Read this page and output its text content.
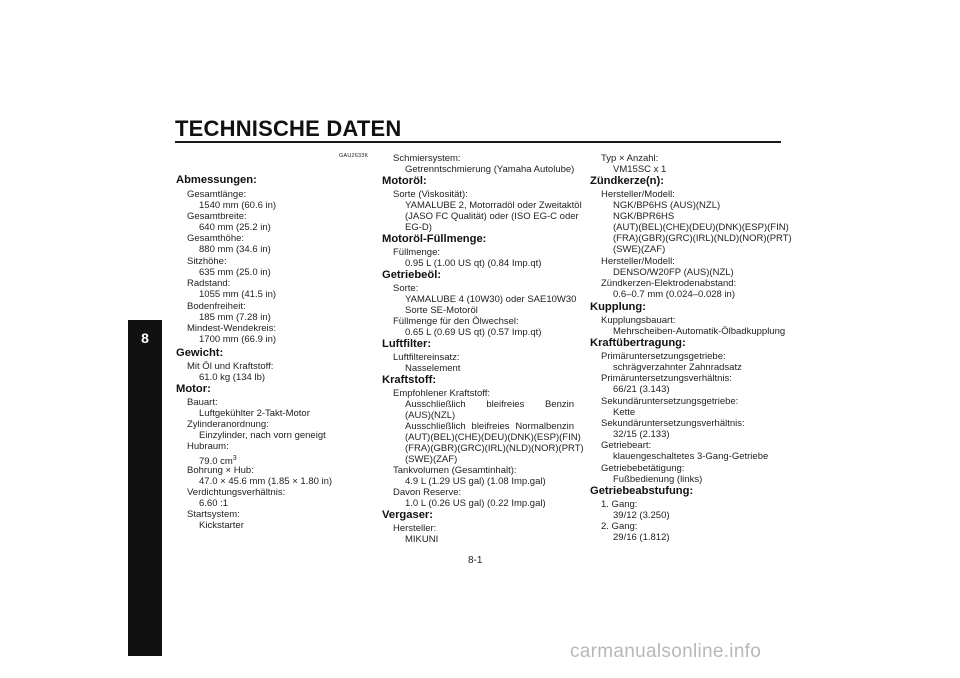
TECHNISCHE DATEN
8
GAU2633K
Abmessungen:
Gesamtlänge:
1540 mm (60.6 in)
Gesamtbreite:
640 mm (25.2 in)
Gesamthöhe:
880 mm (34.6 in)
Sitzhöhe:
635 mm (25.0 in)
Radstand:
1055 mm (41.5 in)
Bodenfreiheit:
185 mm (7.28 in)
Mindest-Wendekreis:
1700 mm (66.9 in)
Gewicht:
Mit Öl und Kraftstoff:
61.0 kg (134 lb)
Motor:
Bauart:
Luftgekühlter 2-Takt-Motor
Zylinderanordnung:
Einzylinder, nach vorn geneigt
Hubraum:
79.0 $cm^3$
Bohrung × Hub:
47.0 × 45.6 mm (1.85 × 1.80 in)
Verdichtungsverhältnis:
6.60 :1
Startsystem:
Kickstarter
Schmiersystem:
Getrenntschmierung (Yamaha Autolube)
Motoröl:
Sorte (Viskosität):
YAMALUBE 2, Motorradöl oder Zweitaktöl
(JASO FC Qualität) oder (ISO EG-C oder
EG-D)
Motoröl-Füllmenge:
Füllmenge:
0.95 L (1.00 US qt) (0.84 Imp.qt)
Getriebeöl:
Sorte:
YAMALUBE 4 (10W30) oder SAE10W30
Sorte SE-Motoröl
Füllmenge für den Ölwechsel:
0.65 L (0.69 US qt) (0.57 Imp.qt)
Luftfilter:
Luftfiltereinsatz:
Nasselement
Kraftstoff:
Empfohlener Kraftstoff:
Ausschließlich bleifreies Benzin
(AUS)(NZL)
Ausschließlich bleifreies Normalbenzin
(AUT)(BEL)(CHE)(DEU)(DNK)(ESP)(FIN)
(FRA)(GBR)(GRC)(IRL)(NLD)(NOR)(PRT)
(SWE)(ZAF)
Tankvolumen (Gesamtinhalt):
4.9 L (1.29 US gal) (1.08 Imp.gal)
Davon Reserve:
1.0 L (0.26 US gal) (0.22 Imp.gal)
Vergaser:
Hersteller:
MIKUNI
Typ × Anzahl:
VM15SC x 1
Zündkerze(n):
Hersteller/Modell:
NGK/BP6HS (AUS)(NZL)
NGK/BPR6HS
(AUT)(BEL)(CHE)(DEU)(DNK)(ESP)(FIN)
(FRA)(GBR)(GRC)(IRL)(NLD)(NOR)(PRT)
(SWE)(ZAF)
Hersteller/Modell:
DENSO/W20FP (AUS)(NZL)
Zündkerzen-Elektrodenabstand:
0.6–0.7 mm (0.024–0.028 in)
Kupplung:
Kupplungsbauart:
Mehrscheiben-Automatik-Ölbadkupplung
Kraftübertragung:
Primäruntersetzungsgetriebe:
schrägverzahnter Zahnradsatz
Primäruntersetzungsverhältnis:
66/21 (3.143)
Sekundäruntersetzungsgetriebe:
Kette
Sekundäruntersetzungsverhältnis:
32/15 (2.133)
Getriebeart:
klauengeschaltetes 3-Gang-Getriebe
Getriebebetätigung:
Fußbedienung (links)
Getriebeabstufung:
1. Gang:
39/12 (3.250)
2. Gang:
29/16 (1.812)
8-1
carmanualsonline.info
